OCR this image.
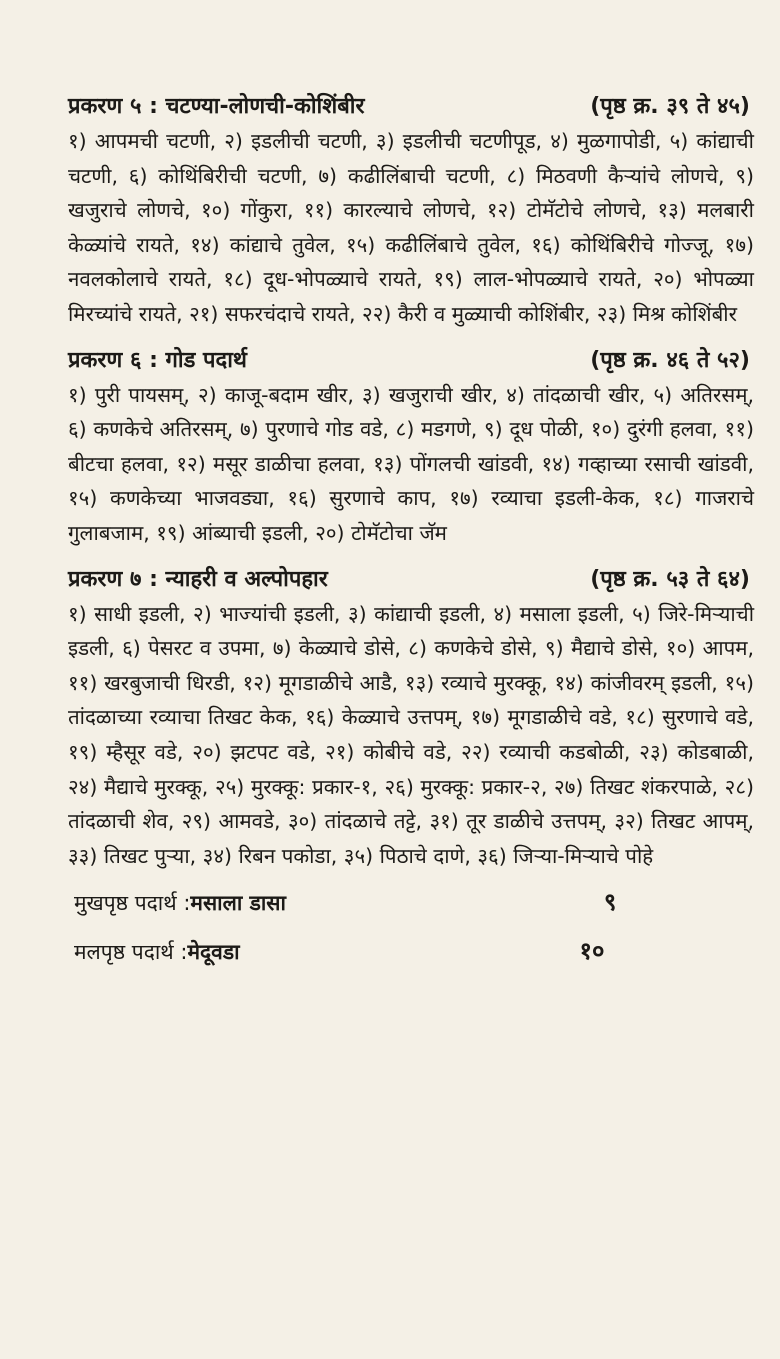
प्रकरण ५ : चटण्या-लोणची-कोशिंबीर	(पृष्ठ क्र. ३९ ते ४५)

१) आपमची चटणी, २) इडलीची चटणी, ३) इडलीची चटणीपूड, ४) मुळगापोडी, ५) कांद्याची चटणी, ६) कोथिंबिरीची चटणी, ७) कढीलिंबाची चटणी, ८) मिठवणी कैऱ्यांचे लोणचे, ९) खजुराचे लोणचे, १०) गोंकुरा, ११) कारल्याचे लोणचे, १२) टोमॅटोचे लोणचे, १३) मलबारी केळ्यांचे रायते, १४) कांद्याचे तुवेल, १५) कढीलिंबाचे तुवेल, १६) कोथिंबिरीचे गोज्जू, १७) नवलकोलाचे रायते, १८) दूध-भोपळ्याचे रायते, १९) लाल-भोपळ्याचे रायते, २०) भोपळ्या मिरच्यांचे रायते, २१) सफरचंदाचे रायते, २२) कैरी व मुळ्याची कोशिंबीर, २३) मिश्र कोशिंबीर

प्रकरण ६ : गोड पदार्थ	(पृष्ठ क्र. ४६ ते ५२)

१) पुरी पायसम्, २) काजू-बदाम खीर, ३) खजुराची खीर, ४) तांदळाची खीर, ५) अतिरसम्, ६) कणकेचे अतिरसम्, ७) पुरणाचे गोड वडे, ८) मडगणे, ९) दूध पोळी, १०) दुरंगी हलवा, ११) बीटचा हलवा, १२) मसूर डाळीचा हलवा, १३) पोंगलची खांडवी, १४) गव्हाच्या रसाची खांडवी, १५) कणकेच्या भाजवड्या, १६) सुरणाचे काप, १७) रव्याचा इडली-केक, १८) गाजराचे गुलाबजाम, १९) आंब्याची इडली, २०) टोमॅटोचा जॅम

प्रकरण ७ : न्याहरी व अल्पोपहार	(पृष्ठ क्र. ५३ ते ६४)

१) साधी इडली, २) भाज्यांची इडली, ३) कांद्याची इडली, ४) मसाला इडली, ५) जिरे-मिऱ्याची इडली, ६) पेसरट व उपमा, ७) केळ्याचे डोसे, ८) कणकेचे डोसे, ९) मैद्याचे डोसे, १०) आपम, ११) खरबुजाची धिरडी, १२) मूगडाळीचे आडै, १३) रव्याचे मुरक्कू, १४) कांजीवरम् इडली, १५) तांदळाच्या रव्याचा तिखट केक, १६) केळ्याचे उत्तपम्, १७) मूगडाळीचे वडे, १८) सुरणाचे वडे, १९) म्हैसूर वडे, २०) झटपट वडे, २१) कोबीचे वडे, २२) रव्याची कडबोळी, २३) कोडबाळी, २४) मैद्याचे मुरक्कू, २५) मुरक्कू: प्रकार-१, २६) मुरक्कू: प्रकार-२, २७) तिखट शंकरपाळे, २८) तांदळाची शेव, २९) आमवडे, ३०) तांदळाचे तट्टे, ३१) तूर डाळीचे उत्तपम्, ३२) तिखट आपम्, ३३) तिखट पुऱ्या, ३४) रिबन पकोडा, ३५) पिठाचे दाणे, ३६) जिऱ्या-मिऱ्याचे पोहे

मुखपृष्ठ पदार्थ : मसाला डासा	९
मलपृष्ठ पदार्थ : मेदूवडा	१०
